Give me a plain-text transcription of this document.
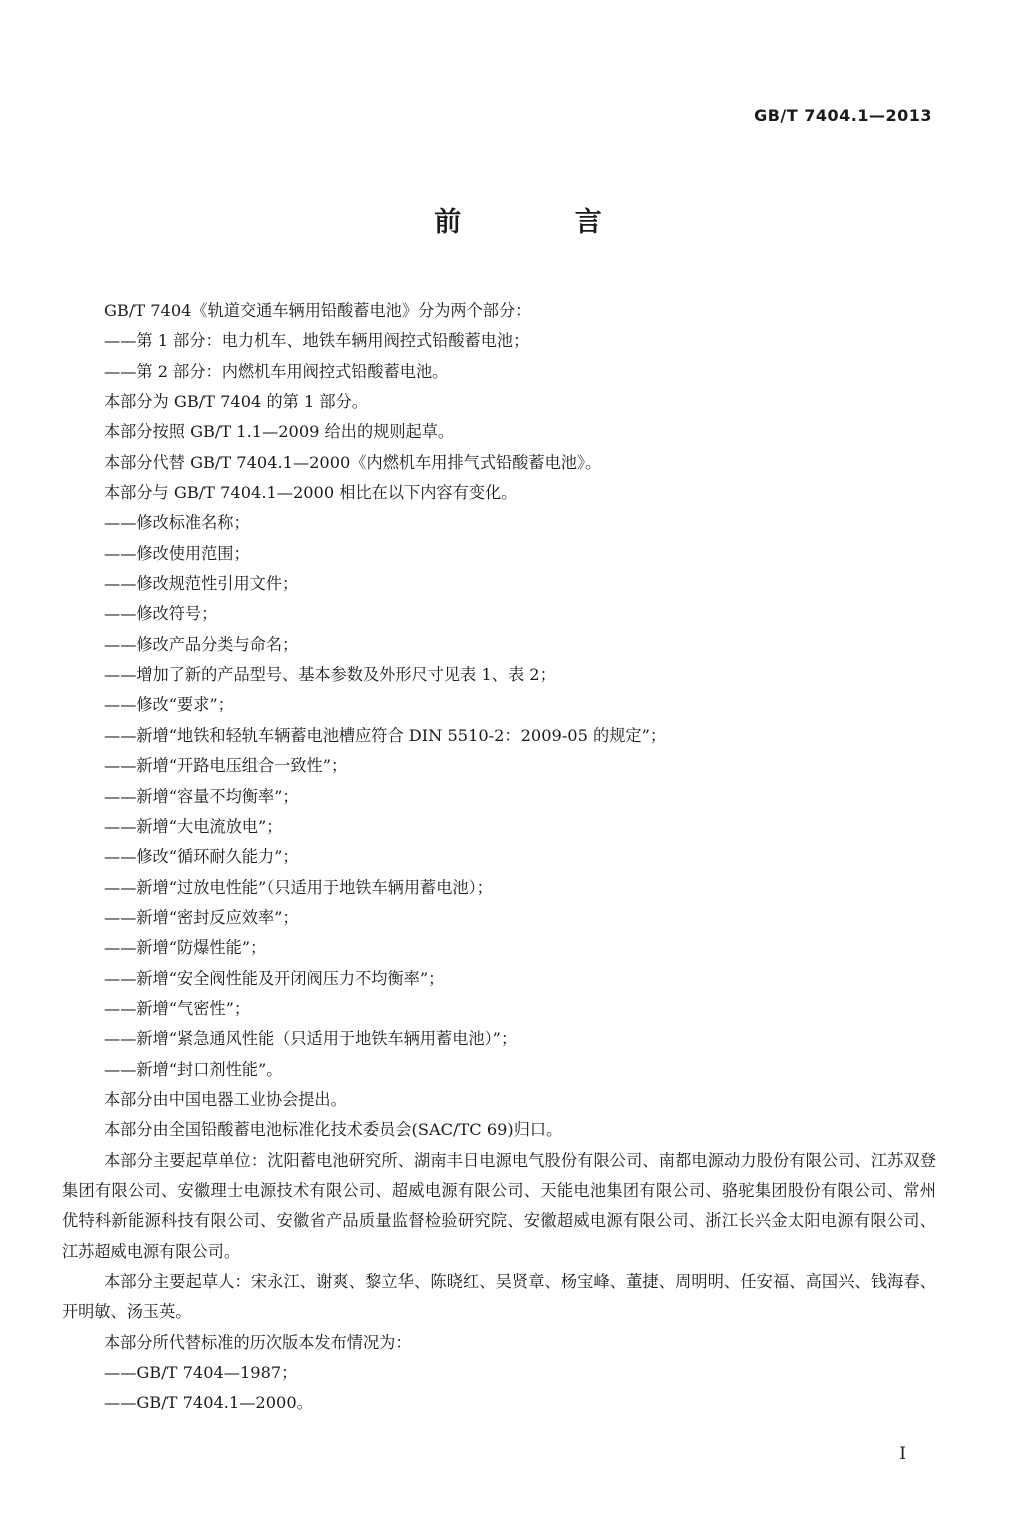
GB/T 7404.1—2013
前 言

GB/T 7404《轨道交通车辆用铅酸蓄电池》分为两个部分：

——第 1 部分：电力机车、地铁车辆用阀控式铅酸蓄电池；

——第 2 部分：内燃机车用阀控式铅酸蓄电池。

本部分为 GB/T 7404 的第 1 部分。

本部分按照 GB/T 1.1—2009 给出的规则起草。

本部分代替 GB/T 7404.1—2000《内燃机车用排气式铅酸蓄电池》。

本部分与 GB/T 7404.1—2000 相比在以下内容有变化。

——修改标准名称；

——修改使用范围；

——修改规范性引用文件；

——修改符号；

——修改产品分类与命名；

——增加了新的产品型号、基本参数及外形尺寸见表 1、表 2；

——修改“要求”；

——新增“地铁和轻轨车辆蓄电池槽应符合 DIN 5510-2：2009-05 的规定”；

——新增“开路电压组合一致性”；

——新增“容量不均衡率”；

——新增“大电流放电”；

——修改“循环耐久能力”；

——新增“过放电性能”（只适用于地铁车辆用蓄电池）；

——新增“密封反应效率”；

——新增“防爆性能”；

——新增“安全阀性能及开闭阀压力不均衡率”；

——新增“气密性”；

——新增“紧急通风性能（只适用于地铁车辆用蓄电池）”；

——新增“封口剂性能”。

本部分由中国电器工业协会提出。

本部分由全国铅酸蓄电池标准化技术委员会(SAC/TC 69)归口。

本部分主要起草单位：沈阳蓄电池研究所、湖南丰日电源电气股份有限公司、南都电源动力股份有限公司、江苏双登集团有限公司、安徽理士电源技术有限公司、超威电源有限公司、天能电池集团有限公司、骆驼集团股份有限公司、常州优特科新能源科技有限公司、安徽省产品质量监督检验研究院、安徽超威电源有限公司、浙江长兴金太阳电源有限公司、江苏超威电源有限公司。

本部分主要起草人：宋永江、谢爽、黎立华、陈晓红、吴贤章、杨宝峰、董捷、周明明、任安福、高国兴、钱海春、开明敏、汤玉英。

本部分所代替标准的历次版本发布情况为：

——GB/T 7404—1987；

——GB/T 7404.1—2000。

I
